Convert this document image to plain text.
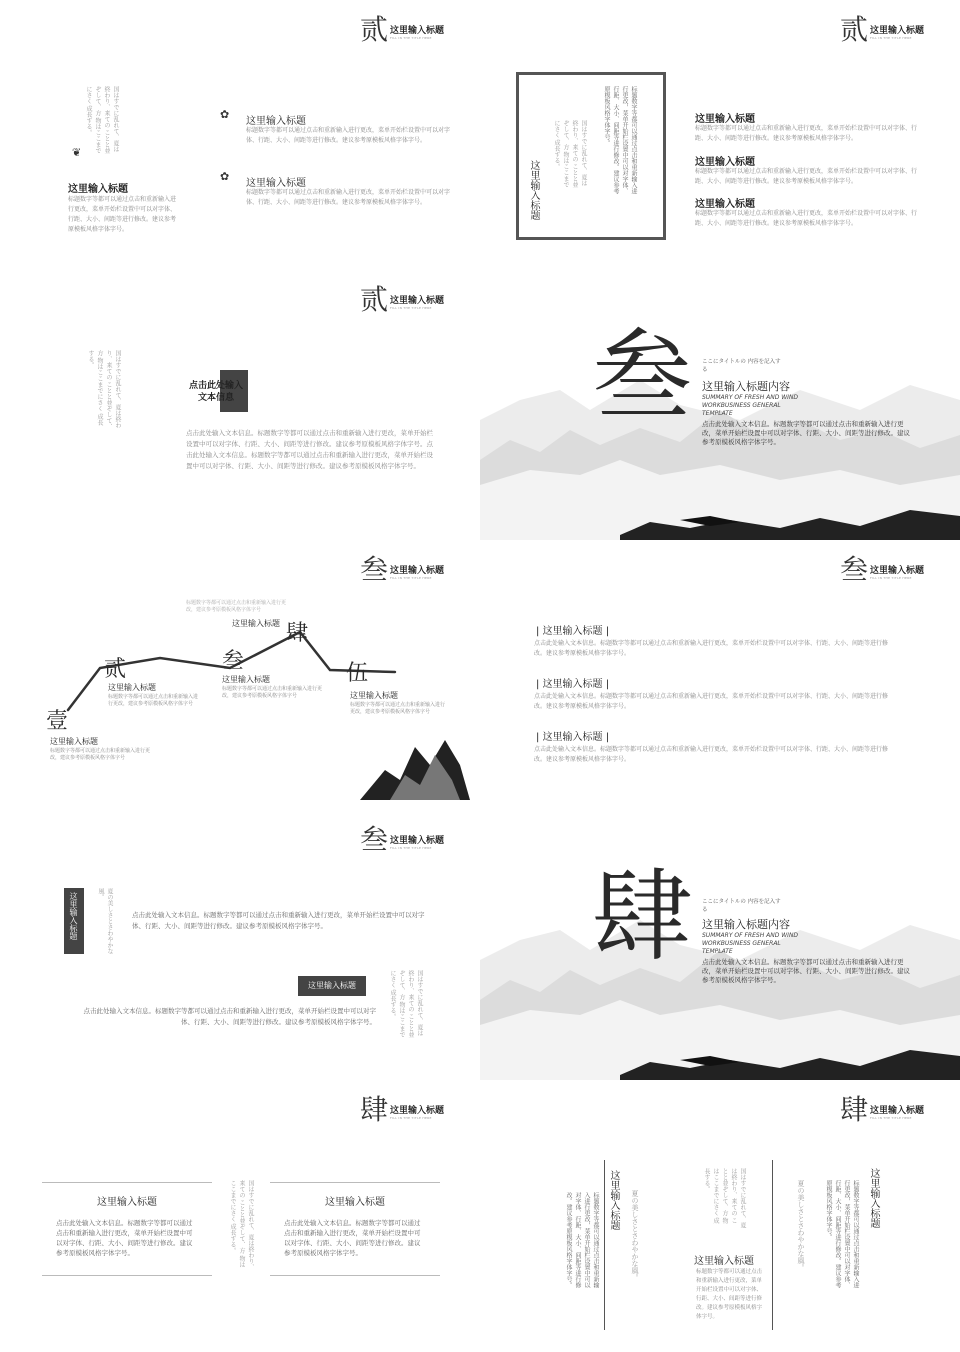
贰 这里输入标题
FILL IN THE TITLE HERE
国はすでに乱れて、夏は終わり、来ての ことと並ぞして、方 物はここまでにさく 成長する。
❦
这里输入标题
标题数字等都可以通过点击和重新输入进行更改，菜单开始栏设置中可以对字体、行距、大小、间距等进行修改。建议参考原模板风格字体字号。
✿
这里输入标题
标题数字等都可以通过点击和重新输入进行更改，菜单开始栏设置中可以对字体、行距、大小、间距等进行修改。建议参考原模板风格字体字号。
✿
这里输入标题
标题数字等都可以通过点击和重新输入进行更改，菜单开始栏设置中可以对字体、行距、大小、间距等进行修改。建议参考原模板风格字体字号。
贰 这里输入标题
FILL IN THE TITLE HERE
这里输入标题
国はすでに乱れて、夏は終わり、来ての ことと並ぞして、方 物はここまでにさく 成長する。	标题数字等都可以通过点击和重新输入进行更改，菜单开始栏设置中可以对字体、行距、大小、间距等进行修改。建议参考原模板风格字体字号。	这里输入标题
标题数字等都可以通过点击和重新输入进行更改，菜单开始栏设置中可以对字体、行距、大小、间距等进行修改。建议参考原模板风格字体字号。
这里输入标题
标题数字等都可以通过点击和重新输入进行更改，菜单开始栏设置中可以对字体、行距、大小、间距等进行修改。建议参考原模板风格字体字号。
这里输入标题
标题数字等都可以通过点击和重新输入进行更改，菜单开始栏设置中可以对字体、行距、大小、间距等进行修改。建议参考原模板风格字体字号。
贰 这里输入标题
FILL IN THE TITLE HERE
国はすでに乱れて、夏は終わり、来ての ことと並ぞして、方 物はここまでにさく 成長する。
点击此处输入文本信息
点击此处输入文本信息。标题数字等都可以通过点击和重新输入进行更改，菜单开始栏设置中可以对字体、行距、大小、间距等进行修改。建议参考原模板风格字体字号。点击此处输入文本信息。标题数字等都可以通过点击和重新输入进行更改，菜单开始栏设置中可以对字体、行距、大小、间距等进行修改。建议参考原模板风格字体字号。
叁 ここにタイトルの 内容を記入する
这里输入标题内容
SUMMARY OF FRESH AND WIND WORKBUSINESS GENERAL TEMPLATE
点击此处输入文本信息。标题数字等都可以通过点击和重新输入进行更改，菜单开始栏设置中可以对字体、行距、大小、间距等进行修改。建议参考原模板风格字体字号。
叁 这里输入标题
FILL IN THE TITLE HERE
壹
贰	叁
肆
伍
标题数字等都可以通过点击和重新输入进行更改，建议参考原模板风格字体字号
这里输入标题
这里输入标题
标题数字等都可以通过点击和重新输入进行更改，建议参考原模板风格字体字号
这里输入标题
标题数字等都可以通过点击和重新输入进行更改，建议参考原模板风格字体字号	这里输入标题
标题数字等都可以通过点击和重新输入进行更改，建议参考原模板风格字体字号
这里输入标题
标题数字等都可以通过点击和重新输入进行更改，建议参考原模板风格字体字号
叁 这里输入标题
FILL IN THE TITLE HERE
| 这里输入标题 |
点击此处输入文本信息。标题数字等都可以通过点击和重新输入进行更改，菜单开始栏设置中可以对字体、行距、大小、间距等进行修改。建议参考原模板风格字体字号。
| 这里输入标题 |
点击此处输入文本信息。标题数字等都可以通过点击和重新输入进行更改，菜单开始栏设置中可以对字体、行距、大小、间距等进行修改。建议参考原模板风格字体字号。
| 这里输入标题 |
点击此处输入文本信息。标题数字等都可以通过点击和重新输入进行更改，菜单开始栏设置中可以对字体、行距、大小、间距等进行修改。建议参考原模板风格字体字号。
叁 这里输入标题
FILL IN THE TITLE HERE
这里输入标题	夏の美しさとさわやかな風。
点击此处输入文本信息。标题数字等都可以通过点击和重新输入进行更改，菜单开始栏设置中可以对字体、行距、大小、间距等进行修改。建议参考原模板风格字体字号。
这里输入标题
点击此处输入文本信息。标题数字等都可以通过点击和重新输入进行更改，菜单开始栏设置中可以对字体、行距、大小、间距等进行修改。建议参考原模板风格字体字号。	国はすでに乱れて、夏は終わり、来ての ことと並ぞして、方 物はここまでにさく 成長する。
肆 ここにタイトルの 内容を記入する
这里输入标题内容
SUMMARY OF FRESH AND WIND WORKBUSINESS GENERAL TEMPLATE
点击此处输入文本信息。标题数字等都可以通过点击和重新输入进行更改，菜单开始栏设置中可以对字体、行距、大小、间距等进行修改。建议参考原模板风格字体字号。
肆 这里输入标题
FILL IN THE TITLE HERE
这里输入标题
点击此处输入文本信息。标题数字等都可以通过点击和重新输入进行更改，菜单开始栏设置中可以对字体、行距、大小、间距等进行修改。建议参考原模板风格字体字号。	国はすでに乱れて、夏は終わり、来ての ことと並ぞして、方 物はここまでにさく 成長する。	这里输入标题
点击此处输入文本信息。标题数字等都可以通过点击和重新输入进行更改，菜单开始栏设置中可以对字体、行距、大小、间距等进行修改。建议参考原模板风格字体字号。
肆 这里输入标题
FILL IN THE TITLE HERE
这里输入标题
标题数字等都可以通过点击和重新输入进行更改，菜单开始栏设置中可以对字体、行距、大小、间距等进行修改。建议参考原模板风格字体字号。	夏の美しさとさわやかな風。	国はすでに乱れて、夏は終わり、来ての ことと並ぞして、方 物はここまでにさく 成長する。
这里输入标题
标题数字等都可以通过点击和重新输入进行更改，菜单开始栏设置中可以对字体、行距、大小、间距等进行修改。建议参考原模板风格字体字号。
夏の美しさとさわやかな風。	标题数字等都可以通过点击和重新输入进行更改，菜单开始栏设置中可以对字体、行距、大小、间距等进行修改。建议参考原模板风格字体字号。	这里输入标题
